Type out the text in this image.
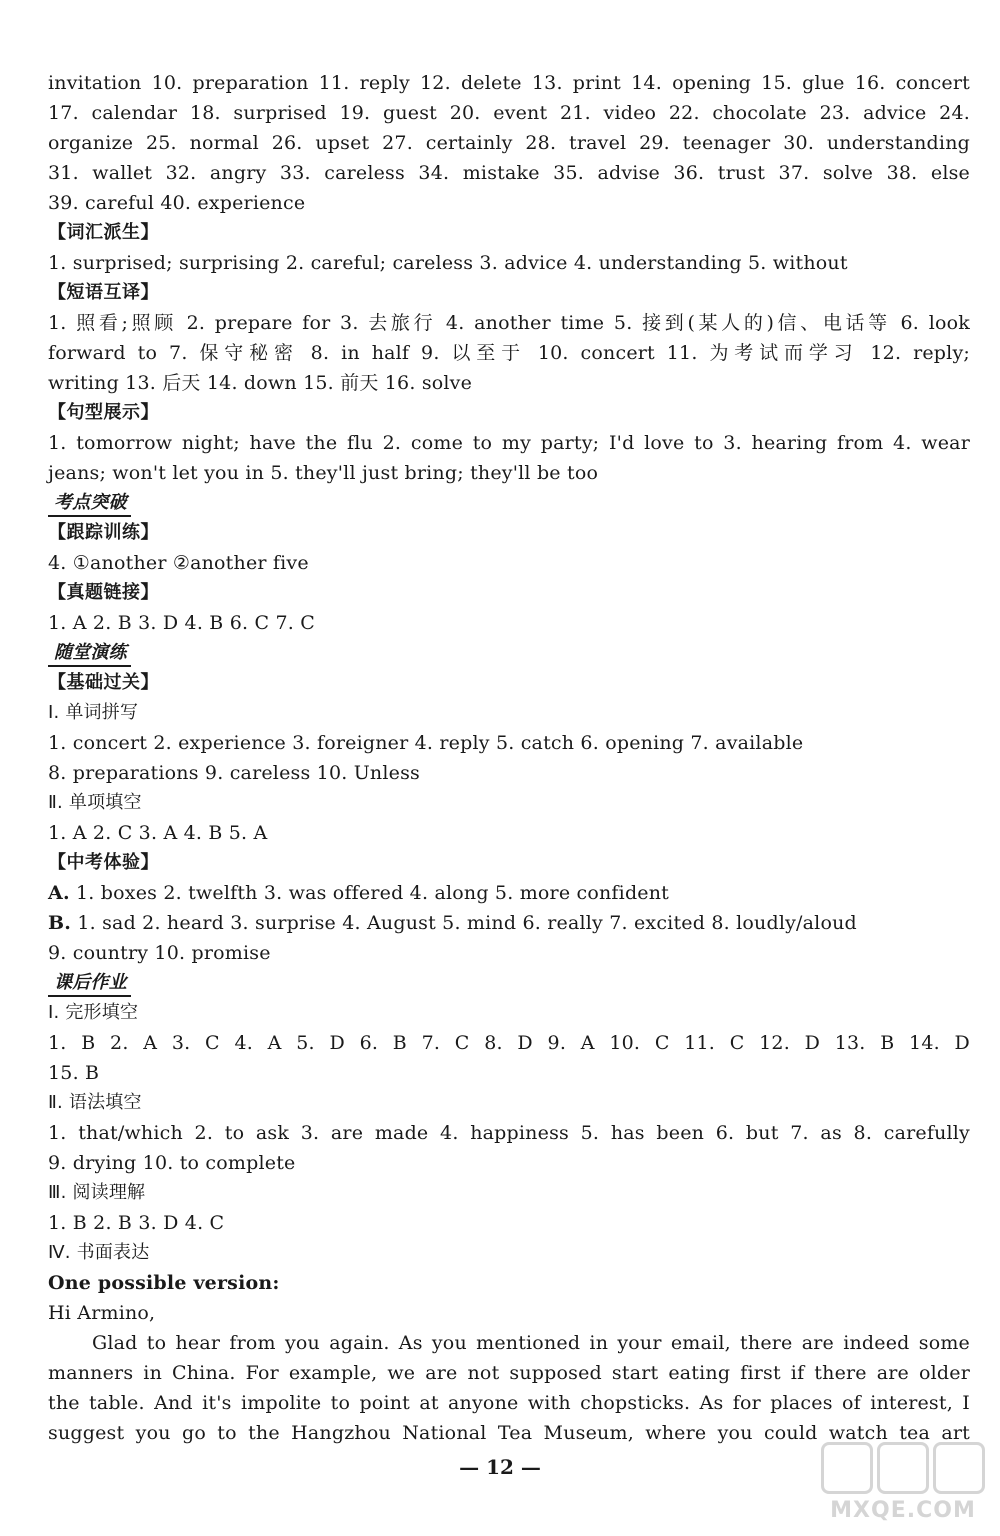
invitation 10. preparation 11. reply 12. delete 13. print 14. opening 15. glue 16. concert
17. calendar 18. surprised 19. guest 20. event 21. video 22. chocolate 23. advice 24.
organize 25. normal 26. upset 27. certainly 28. travel 29. teenager 30. understanding
31. wallet 32. angry 33. careless 34. mistake 35. advise 36. trust 37. solve 38. else
39. careful 40. experience
【词汇派生】
1. surprised; surprising 2. careful; careless 3. advice 4. understanding 5. without
【短语互译】
1. 照看;照顾 2. prepare for 3. 去旅行 4. another time 5. 接到(某人的)信、电话等 6. look
forward to 7. 保守秘密 8. in half 9. 以至于 10. concert 11. 为考试而学习 12. reply;
writing 13. 后天 14. down 15. 前天 16. solve
【句型展示】
1. tomorrow night; have the flu 2. come to my party; I'd love to 3. hearing from 4. wear
jeans; won't let you in 5. they'll just bring; they'll be too
考点突破
【跟踪训练】
4. ①another ②another five
【真题链接】
1. A 2. B 3. D 4. B 6. C 7. C
随堂演练
【基础过关】
Ⅰ. 单词拼写
1. concert 2. experience 3. foreigner 4. reply 5. catch 6. opening 7. available
8. preparations 9. careless 10. Unless
Ⅱ. 单项填空
1. A 2. C 3. A 4. B 5. A
【中考体验】
A. 1. boxes 2. twelfth 3. was offered 4. along 5. more confident
B. 1. sad 2. heard 3. surprise 4. August 5. mind 6. really 7. excited 8. loudly/aloud
9. country 10. promise
课后作业
Ⅰ. 完形填空
1. B 2. A 3. C 4. A 5. D 6. B 7. C 8. D 9. A 10. C 11. C 12. D 13. B 14. D
15. B
Ⅱ. 语法填空
1. that/which 2. to ask 3. are made 4. happiness 5. has been 6. but 7. as 8. carefully
9. drying 10. to complete
Ⅲ. 阅读理解
1. B 2. B 3. D 4. C
Ⅳ. 书面表达
One possible version:
Hi Armino,
Glad to hear from you again. As you mentioned in your email, there are indeed some
manners in China. For example, we are not supposed start eating first if there are older
the table. And it's impolite to point at anyone with chopsticks. As for places of interest, I
suggest you go to the Hangzhou National Tea Museum, where you could watch tea art
— 12 —
MXQE.COM
